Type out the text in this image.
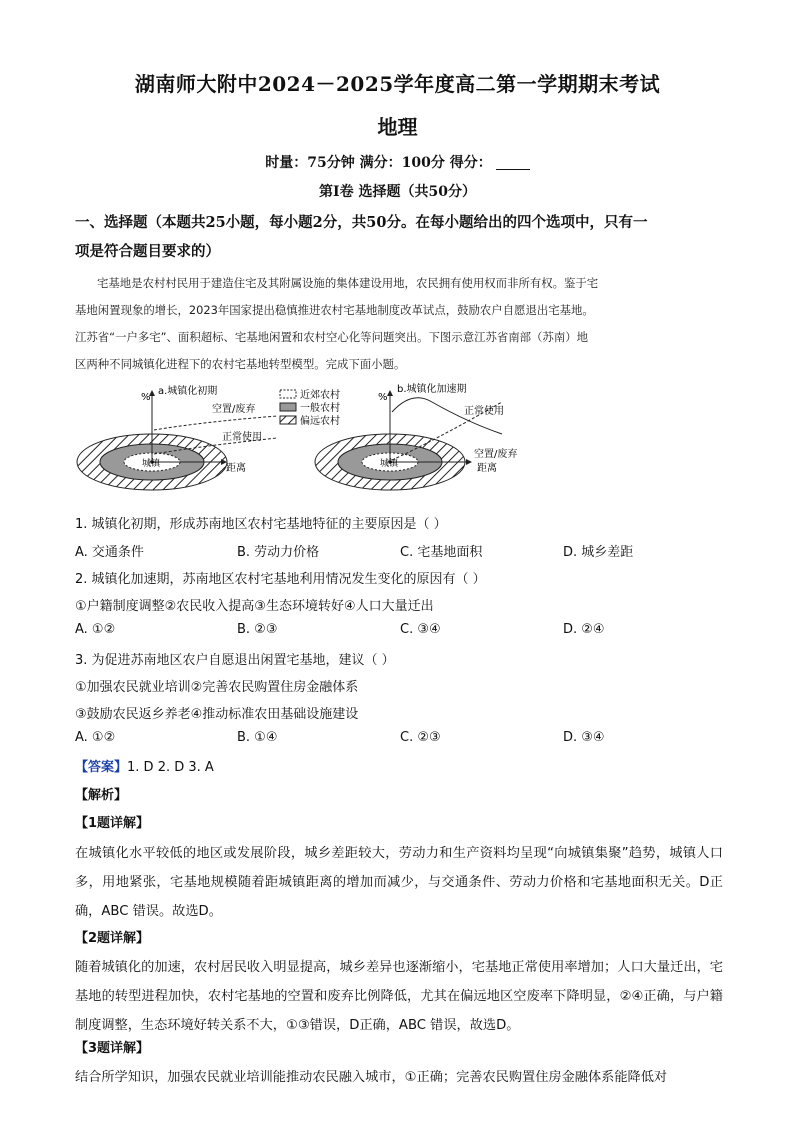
湖南师大附中2024－2025学年度高二第一学期期末考试
地理
时量：75分钟 满分：100分 得分：
第Ⅰ卷 选择题（共50分）
一、选择题（本题共25小题，每小题2分，共50分。在每小题给出的四个选项中，只有一
项是符合题目要求的）
宅基地是农村村民用于建造住宅及其附属设施的集体建设用地，农民拥有使用权而非所有权。鉴于宅
基地闲置现象的增长，2023年国家提出稳慎推进农村宅基地制度改革试点，鼓励农户自愿退出宅基地。
江苏省“一户多宅”、面积超标、宅基地闲置和农村空心化等问题突出。下图示意江苏省南部（苏南）地
区两种不同城镇化进程下的农村宅基地转型模型。完成下面小题。
%
a.城镇化初期
空置/废弃
正常使用
城镇	距离
近郊农村
一般农村
偏远农村
%
b.城镇化加速期
正常使用
空置/废弃
城镇	距离
1. 城镇化初期，形成苏南地区农村宅基地特征的主要原因是（ ）
A. 交通条件	B. 劳动力价格	C. 宅基地面积	D. 城乡差距
2. 城镇化加速期，苏南地区农村宅基地利用情况发生变化的原因有（ ）
①户籍制度调整②农民收入提高③生态环境转好④人口大量迁出
A. ①②	B. ②③	C. ③④	D. ②④
3. 为促进苏南地区农户自愿退出闲置宅基地，建议（ ）
①加强农民就业培训②完善农民购置住房金融体系
③鼓励农民返乡养老④推动标准农田基础设施建设
A. ①②	B. ①④	C. ②③	D. ③④
【答案】1. D 2. D 3. A
【解析】
【1题详解】

在城镇化水平较低的地区或发展阶段，城乡差距较大，劳动力和生产资料均呈现“向城镇集聚”趋势，城镇人口多，用地紧张，宅基地规模随着距城镇距离的增加而减少，与交通条件、劳动力价格和宅基地面积无关。D正确，ABC 错误。故选D。

【2题详解】

随着城镇化的加速，农村居民收入明显提高，城乡差异也逐渐缩小，宅基地正常使用率增加；人口大量迁出，宅基地的转型进程加快，农村宅基地的空置和废弃比例降低，尤其在偏远地区空废率下降明显，②④正确，与户籍制度调整，生态环境好转关系不大，①③错误，D正确，ABC 错误，故选D。

【3题详解】

结合所学知识，加强农民就业培训能推动农民融入城市，①正确；完善农民购置住房金融体系能降低对
